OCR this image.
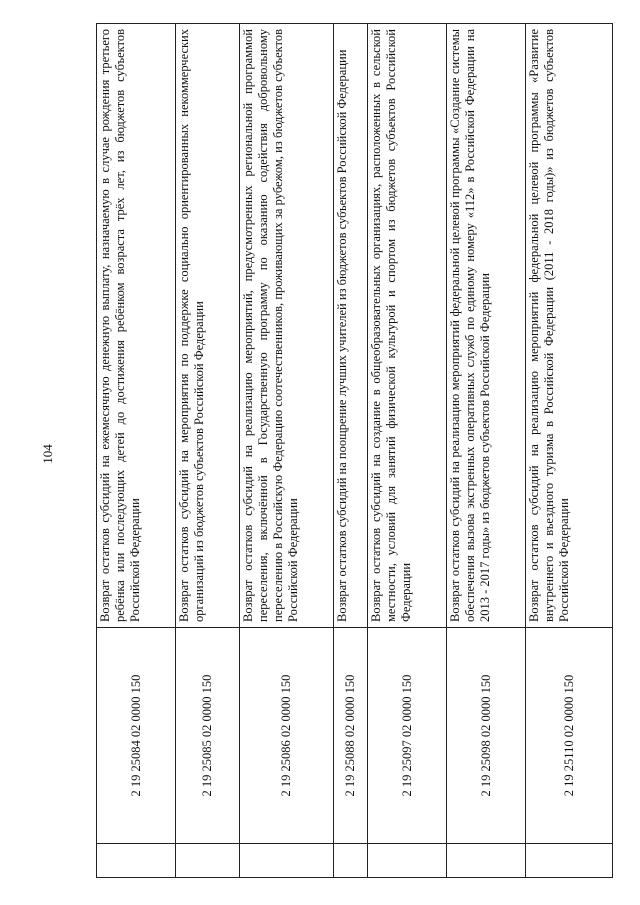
104
	2 19 25084 02 0000 150	Возврат остатков субсидий на ежемесячную денежную выплату, назначаемую в случае рождения третьего ребёнка или последующих детей до достижения ребёнком возраста трёх лет, из бюджетов субъектов Российской Федерации
	2 19 25085 02 0000 150	Возврат остатков субсидий на мероприятия по поддержке социально ориентированных некоммерческих организаций из бюджетов субъектов Российской Федерации
	2 19 25086 02 0000 150	Возврат остатков субсидий на реализацию мероприятий, предусмотренных региональной программой переселения, включённой в Государственную программу по оказанию содействия добровольному переселению в Российскую Федерацию соотечественников, проживающих за рубежом, из бюджетов субъектов Российской Федерации
	2 19 25088 02 0000 150	Возврат остатков субсидий на поощрение лучших учителей из бюджетов субъектов Российской Федерации
	2 19 25097 02 0000 150	Возврат остатков субсидий на создание в общеобразовательных организациях, расположенных в сельской местности, условий для занятий физической культурой и спортом из бюджетов субъектов Российской Федерации
	2 19 25098 02 0000 150	Возврат остатков субсидий на реализацию мероприятий федеральной целевой программы «Создание системы обеспечения вызова экстренных оперативных служб по единому номеру «112» в Российской Федерации на 2013 - 2017 годы» из бюджетов субъектов Российской Федерации
	2 19 25110 02 0000 150	Возврат остатков субсидий на реализацию мероприятий федеральной целевой программы «Развитие внутреннего и въездного туризма в Российской Федерации (2011 - 2018 годы)» из бюджетов субъектов Российской Федерации
